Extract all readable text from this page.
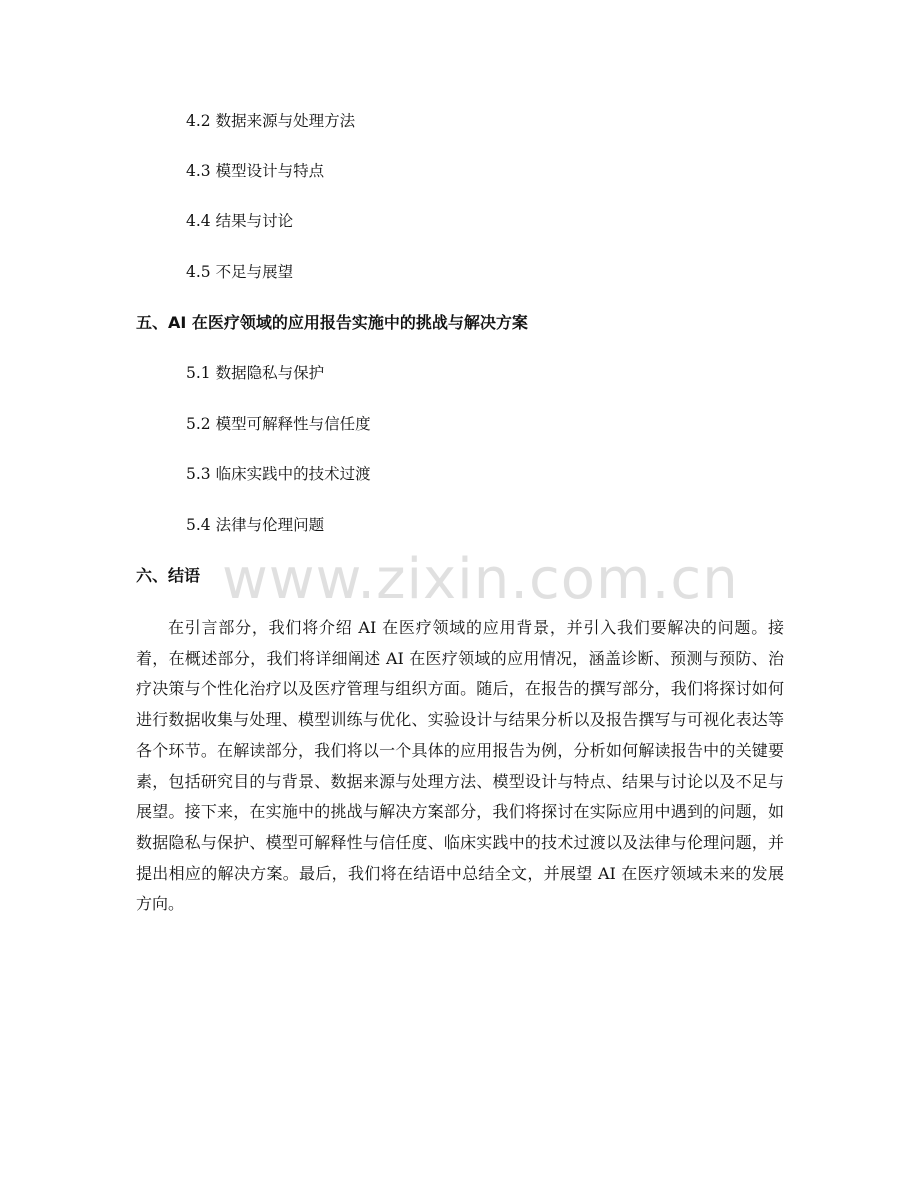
4.2 数据来源与处理方法
4.3 模型设计与特点
4.4 结果与讨论
4.5 不足与展望
五、AI 在医疗领域的应用报告实施中的挑战与解决方案
5.1 数据隐私与保护
5.2 模型可解释性与信任度
5.3 临床实践中的技术过渡
5.4 法律与伦理问题
六、结语 www.zixin.com.cn

在引言部分，我们将介绍 AI 在医疗领域的应用背景，并引入我们要解决的问题。接着，在概述部分，我们将详细阐述 AI 在医疗领域的应用情况，涵盖诊断、预测与预防、治疗决策与个性化治疗以及医疗管理与组织方面。随后，在报告的撰写部分，我们将探讨如何进行数据收集与处理、模型训练与优化、实验设计与结果分析以及报告撰写与可视化表达等各个环节。在解读部分，我们将以一个具体的应用报告为例，分析如何解读报告中的关键要素，包括研究目的与背景、数据来源与处理方法、模型设计与特点、结果与讨论以及不足与展望。接下来，在实施中的挑战与解决方案部分，我们将探讨在实际应用中遇到的问题，如数据隐私与保护、模型可解释性与信任度、临床实践中的技术过渡以及法律与伦理问题，并提出相应的解决方案。最后，我们将在结语中总结全文，并展望 AI 在医疗领域未来的发展方向。
